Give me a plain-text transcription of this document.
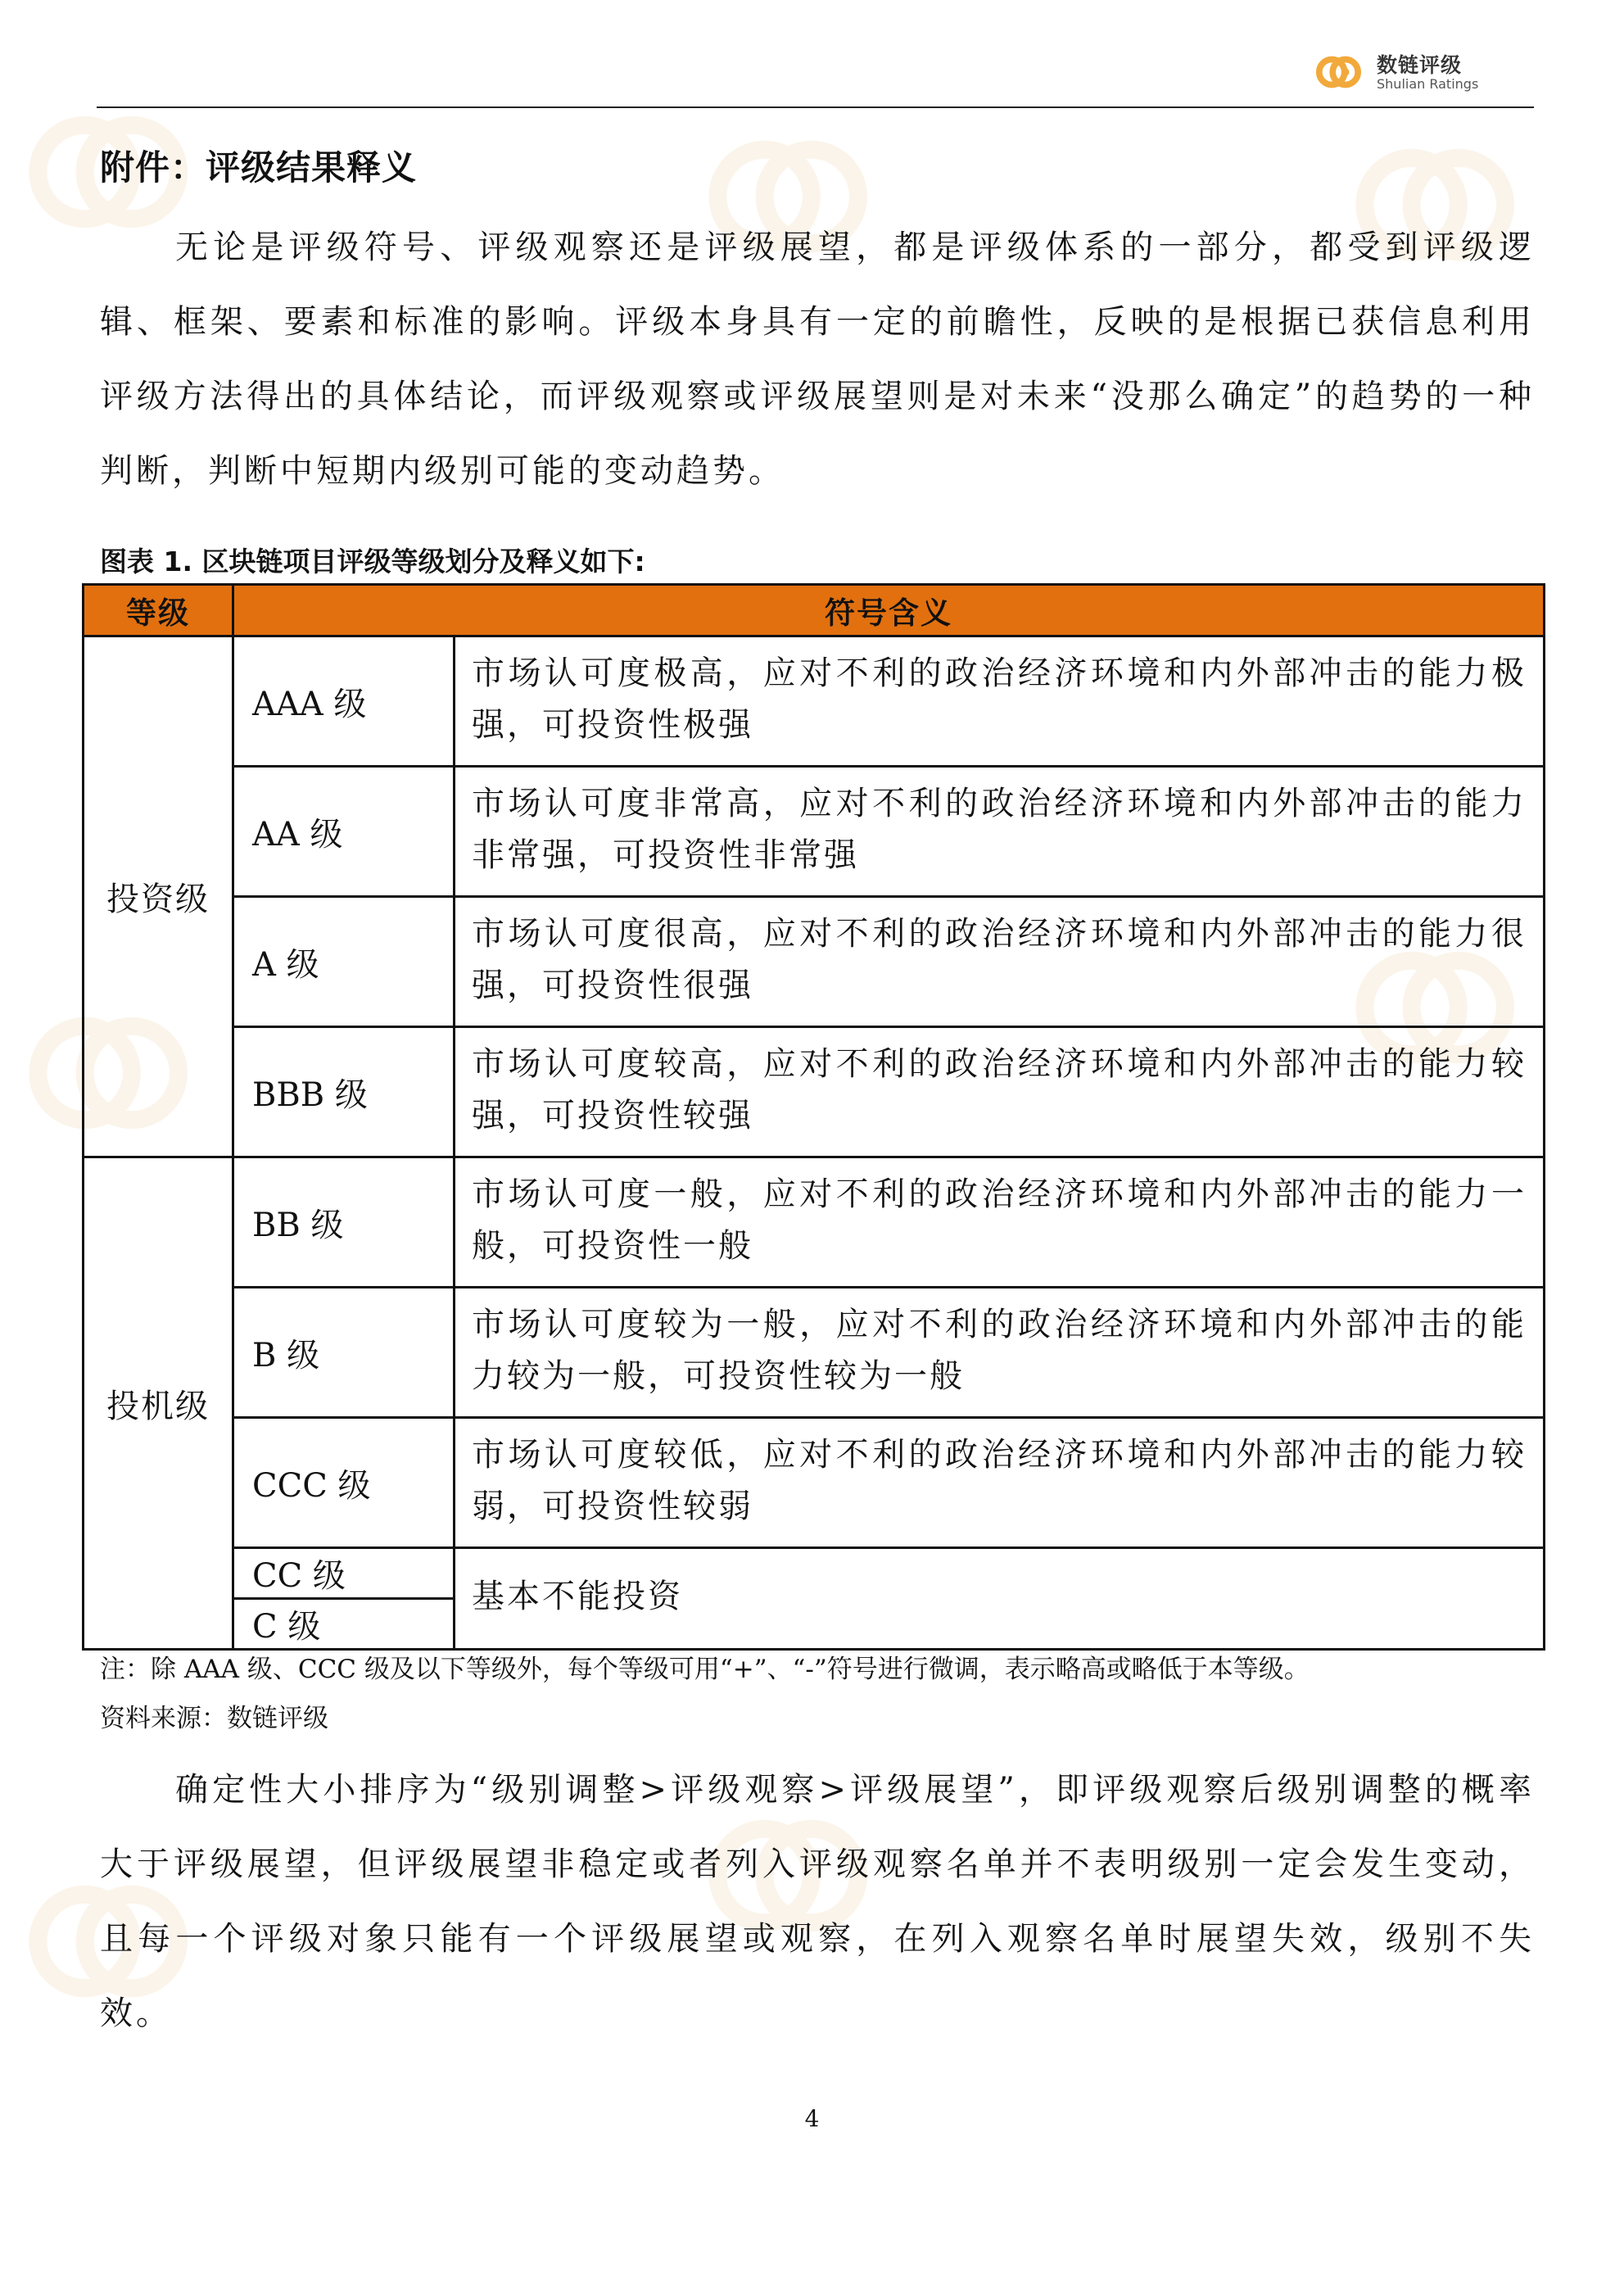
数链评级
Shulian Ratings
附件：评级结果释义

无论是评级符号、评级观察还是评级展望，都是评级体系的一部分，都受到评级逻辑、框架、要素和标准的影响。评级本身具有一定的前瞻性，反映的是根据已获信息利用评级方法得出的具体结论，而评级观察或评级展望则是对未来“没那么确定”的趋势的一种判断，判断中短期内级别可能的变动趋势。

图表 1. 区块链项目评级等级划分及释义如下:
等级	符号含义	
投资级	AAA 级	市场认可度极高，应对不利的政治经济环境和内外部冲击的能力极强，可投资性极强
	AA 级	市场认可度非常高，应对不利的政治经济环境和内外部冲击的能力非常强，可投资性非常强
	A 级	市场认可度很高，应对不利的政治经济环境和内外部冲击的能力很强，可投资性很强
	BBB 级	市场认可度较高，应对不利的政治经济环境和内外部冲击的能力较强，可投资性较强
投机级	BB 级	市场认可度一般，应对不利的政治经济环境和内外部冲击的能力一般，可投资性一般
	B 级	市场认可度较为一般，应对不利的政治经济环境和内外部冲击的能力较为一般，可投资性较为一般
	CCC 级	市场认可度较低，应对不利的政治经济环境和内外部冲击的能力较弱，可投资性较弱
	CC 级	基本不能投资
	C 级	
注：除 AAA 级、CCC 级及以下等级外，每个等级可用“+”、“-”符号进行微调，表示略高或略低于本等级。
资料来源：数链评级

确定性大小排序为“级别调整>评级观察>评级展望”，即评级观察后级别调整的概率大于评级展望，但评级展望非稳定或者列入评级观察名单并不表明级别一定会发生变动，且每一个评级对象只能有一个评级展望或观察，在列入观察名单时展望失效，级别不失效。

4
